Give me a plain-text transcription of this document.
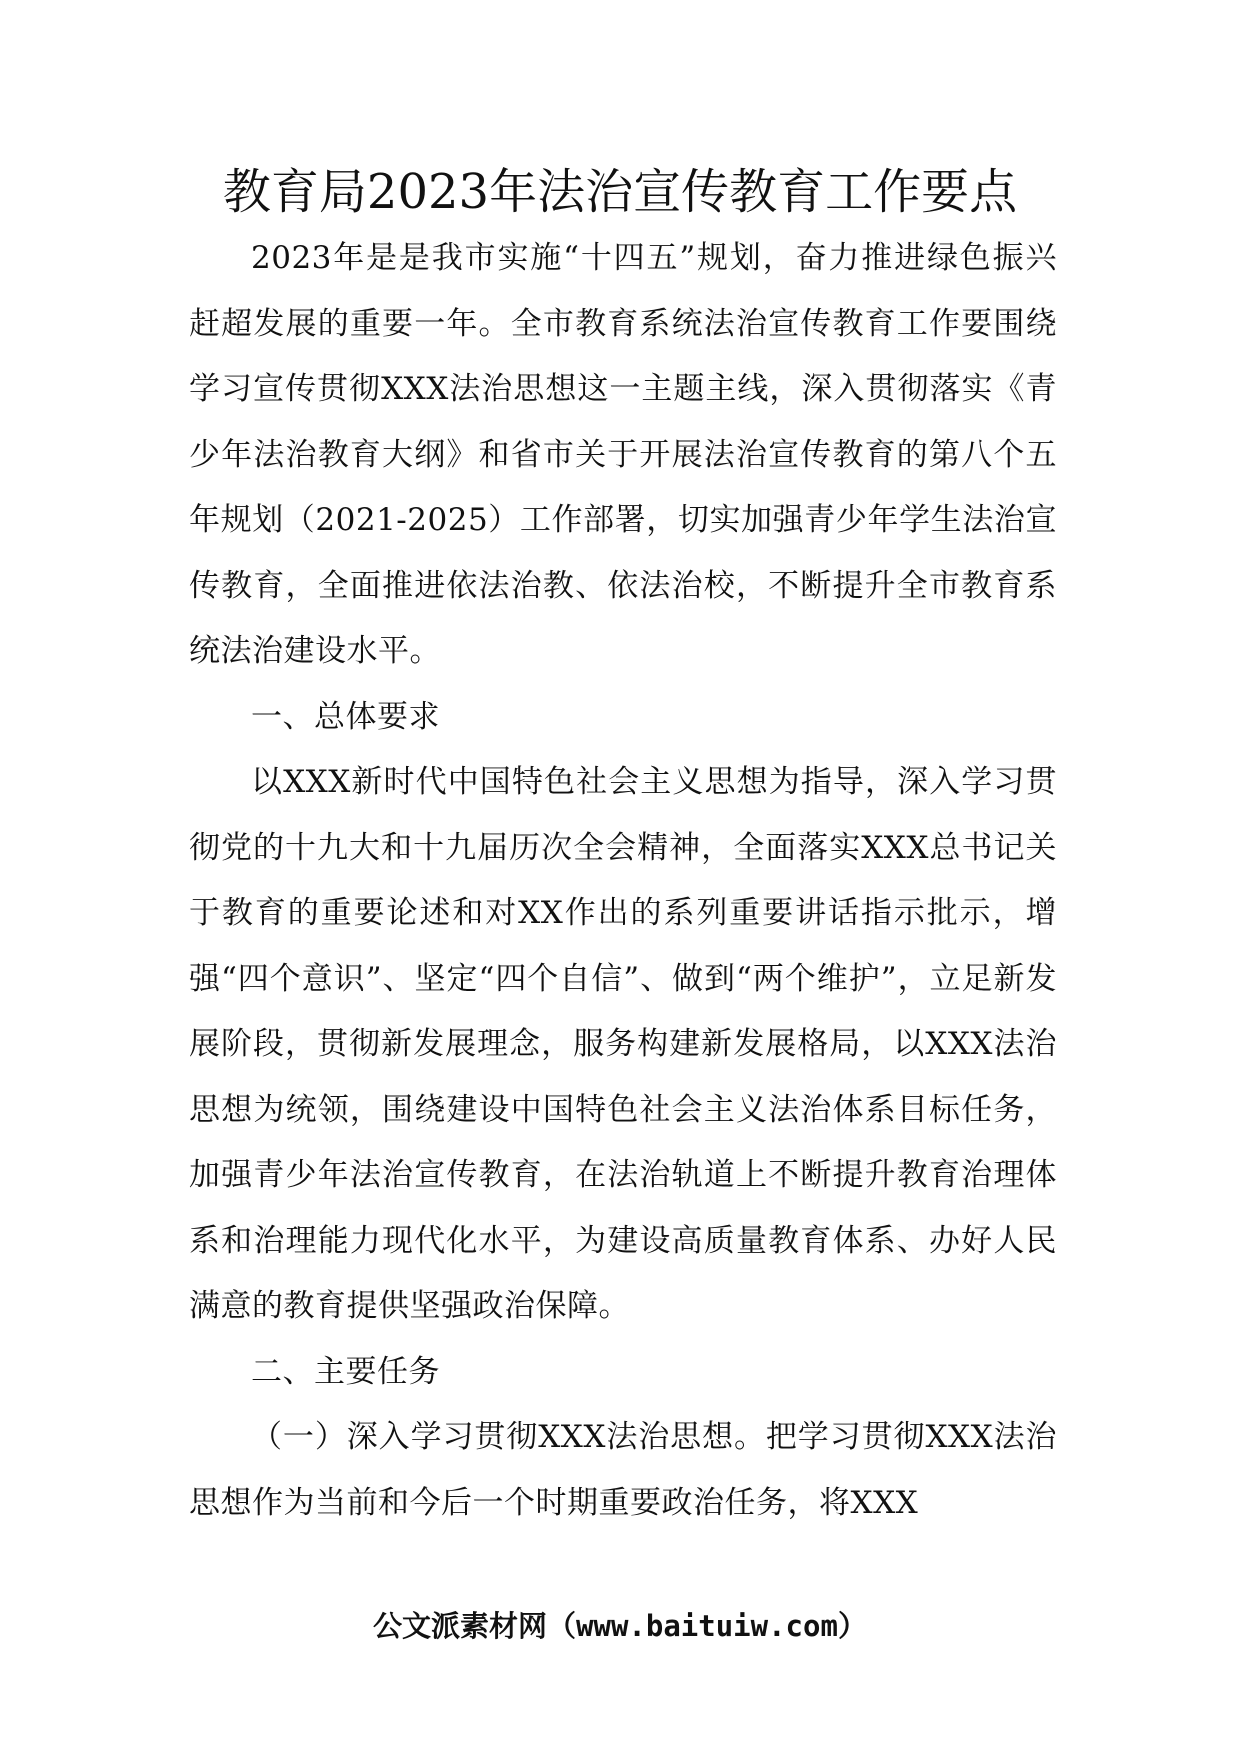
教育局2023年法治宣传教育工作要点

2023年是是我市实施“十四五”规划，奋力推进绿色振兴赶超发展的重要一年。全市教育系统法治宣传教育工作要围绕学习宣传贯彻XXX法治思想这一主题主线，深入贯彻落实《青少年法治教育大纲》和省市关于开展法治宣传教育的第八个五年规划（2021-2025）工作部署，切实加强青少年学生法治宣传教育，全面推进依法治教、依法治校，不断提升全市教育系统法治建设水平。

一、总体要求

以XXX新时代中国特色社会主义思想为指导，深入学习贯彻党的十九大和十九届历次全会精神，全面落实XXX总书记关于教育的重要论述和对XX作出的系列重要讲话指示批示，增强“四个意识”、坚定“四个自信”、做到“两个维护”，立足新发展阶段，贯彻新发展理念，服务构建新发展格局，以XXX法治思想为统领，围绕建设中国特色社会主义法治体系目标任务，加强青少年法治宣传教育，在法治轨道上不断提升教育治理体系和治理能力现代化水平，为建设高质量教育体系、办好人民满意的教育提供坚强政治保障。

二、主要任务

（一）深入学习贯彻XXX法治思想。把学习贯彻XXX法治思想作为当前和今后一个时期重要政治任务，将XXX

公文派素材网（www.baituiw.com）
